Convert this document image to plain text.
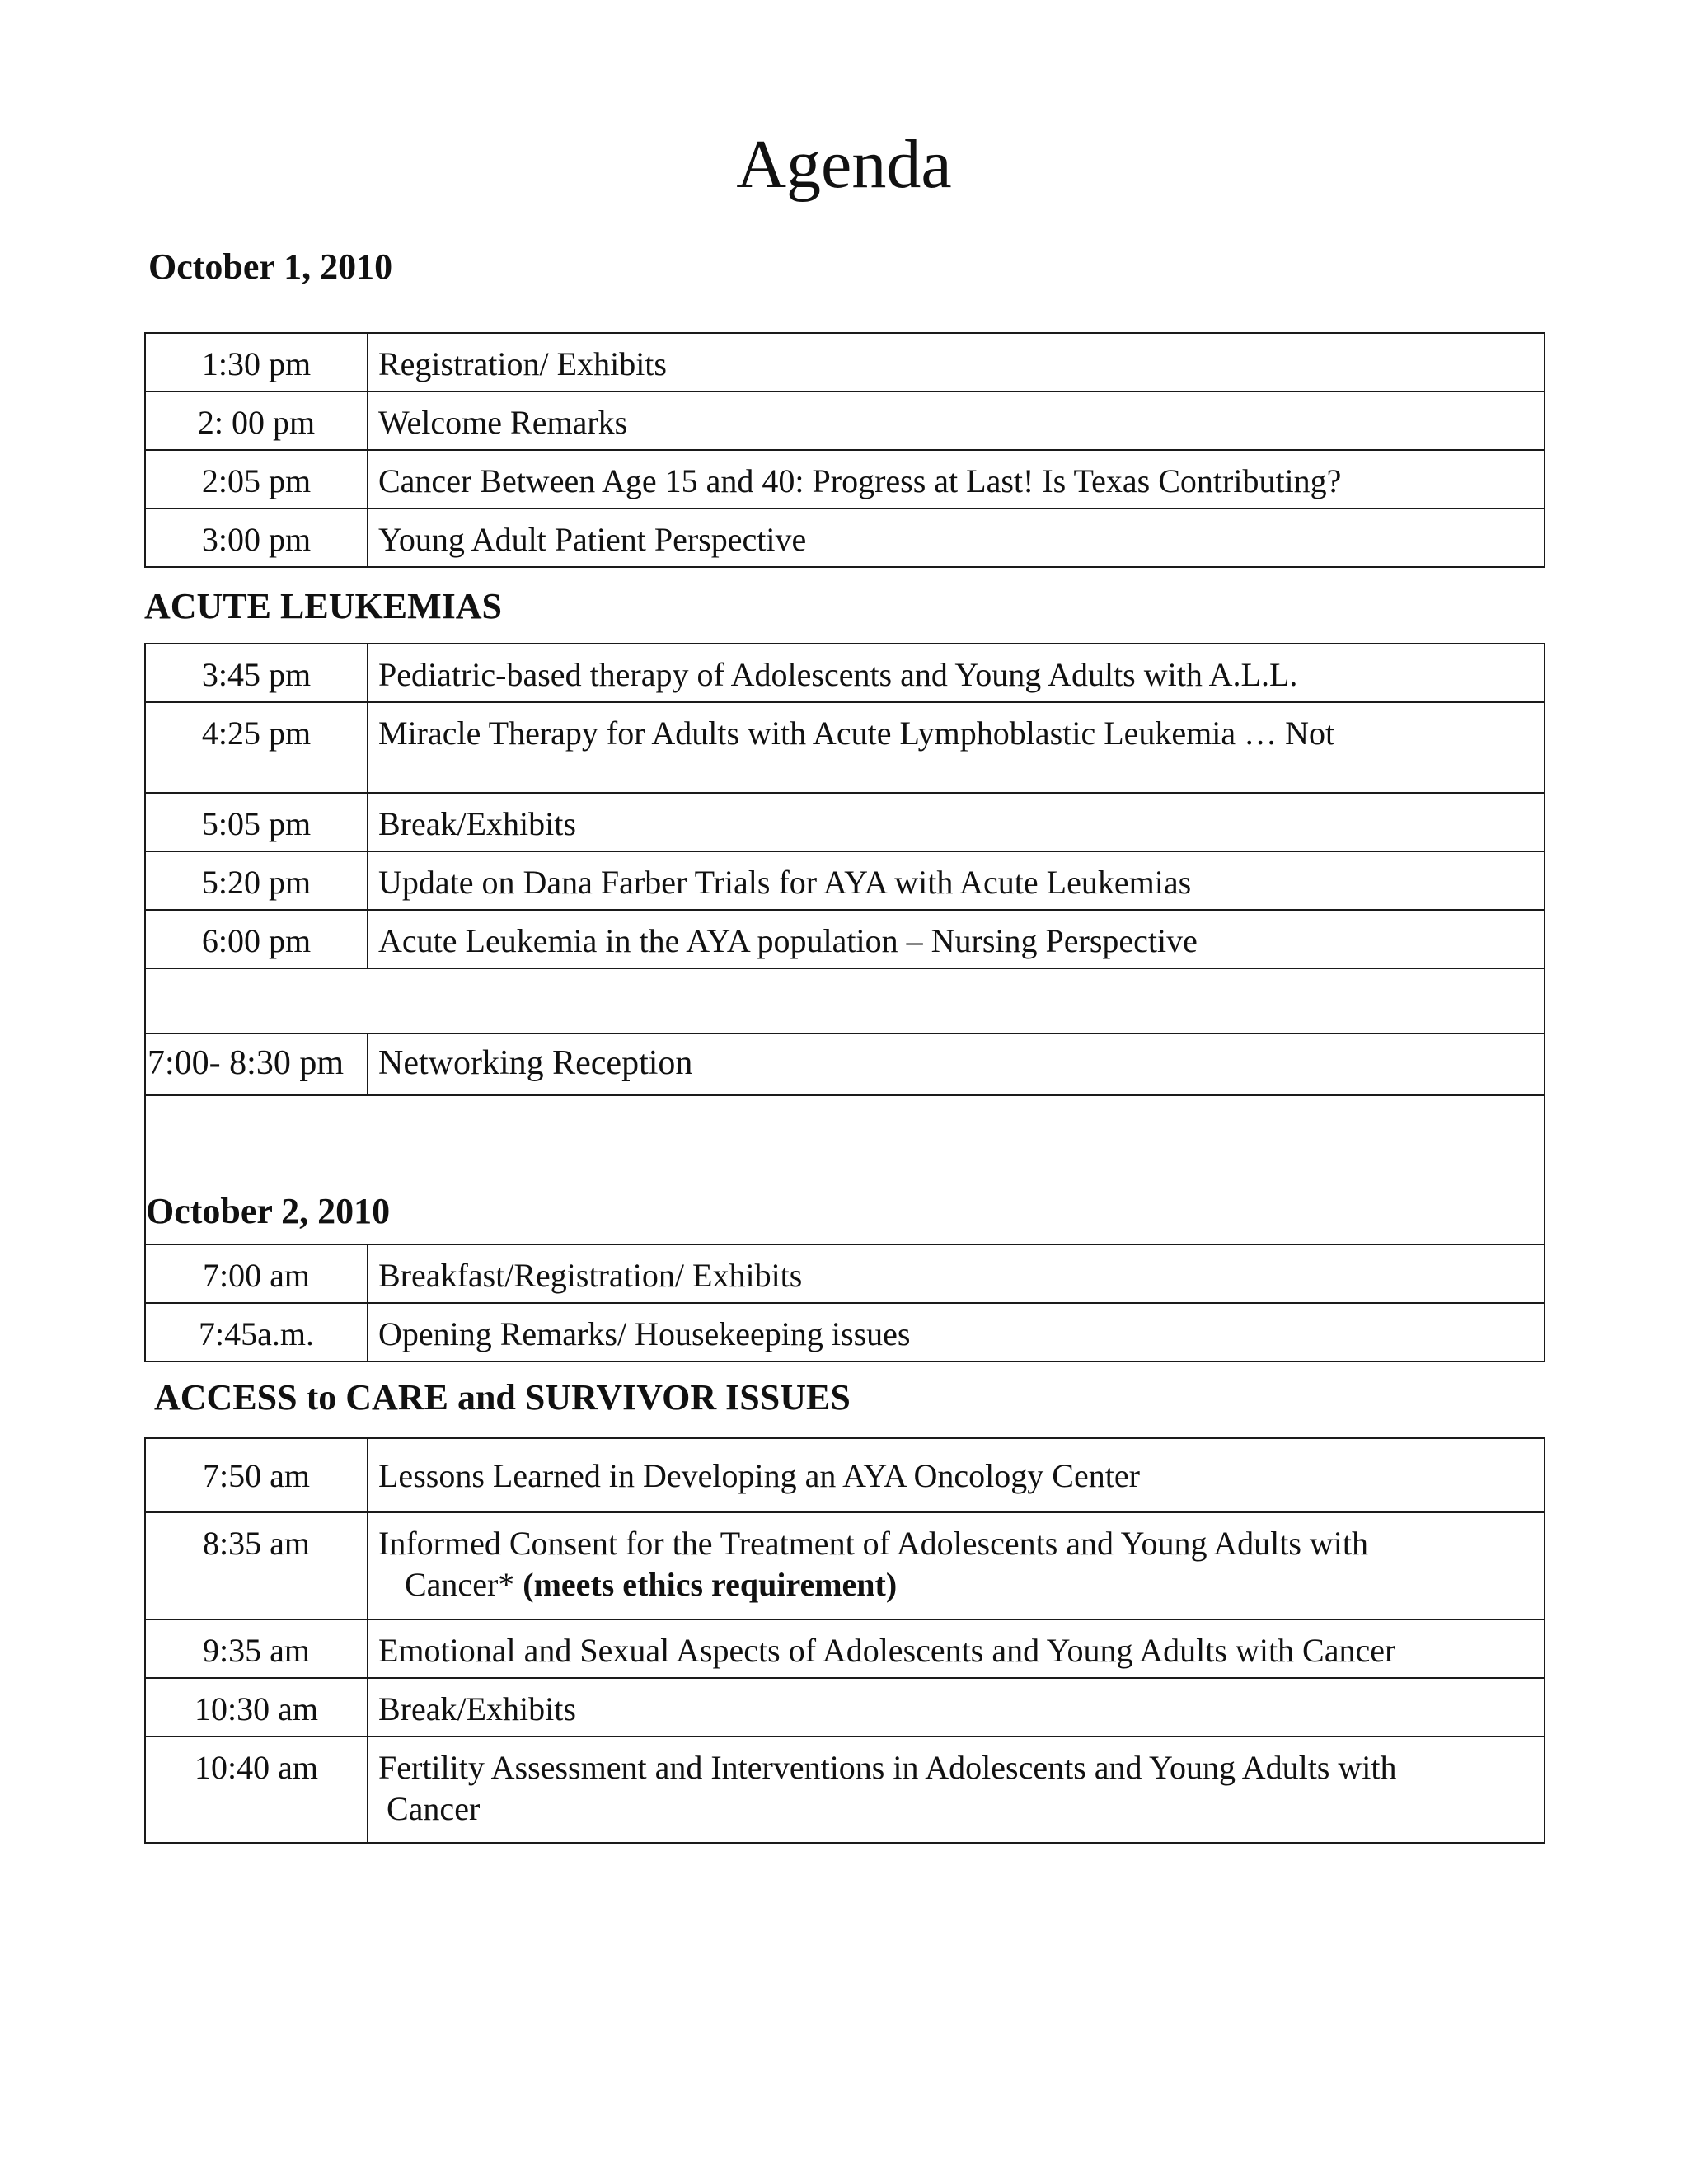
Agenda
October 1, 2010
1:30 pm	Registration/ Exhibits
2: 00 pm	Welcome Remarks
2:05 pm	Cancer Between Age 15 and 40: Progress at Last! Is Texas Contributing?
3:00 pm	Young Adult Patient Perspective
ACUTE LEUKEMIAS
3:45 pm	Pediatric-based therapy of Adolescents and Young Adults with A.L.L.
4:25 pm	Miracle Therapy for Adults with Acute Lymphoblastic Leukemia … Not
5:05 pm	Break/Exhibits
5:20 pm	Update on Dana Farber Trials for AYA with Acute Leukemias
6:00 pm	Acute Leukemia in the AYA population – Nursing Perspective

7:00- 8:30 pm	Networking Reception

October 2, 2010	

7:00 am	Breakfast/Registration/ Exhibits
7:45a.m.	Opening Remarks/ Housekeeping issues
ACCESS to CARE and SURVIVOR ISSUES
7:50 am	Lessons Learned in Developing an AYA Oncology Center
8:35 am	Informed Consent for the Treatment of Adolescents and Young Adults with
Cancer* (meets ethics requirement)

9:35 am	Emotional and Sexual Aspects of Adolescents and Young Adults with Cancer
10:30 am	Break/Exhibits
10:40 am	Fertility Assessment and Interventions in Adolescents and Young Adults with
Cancer
